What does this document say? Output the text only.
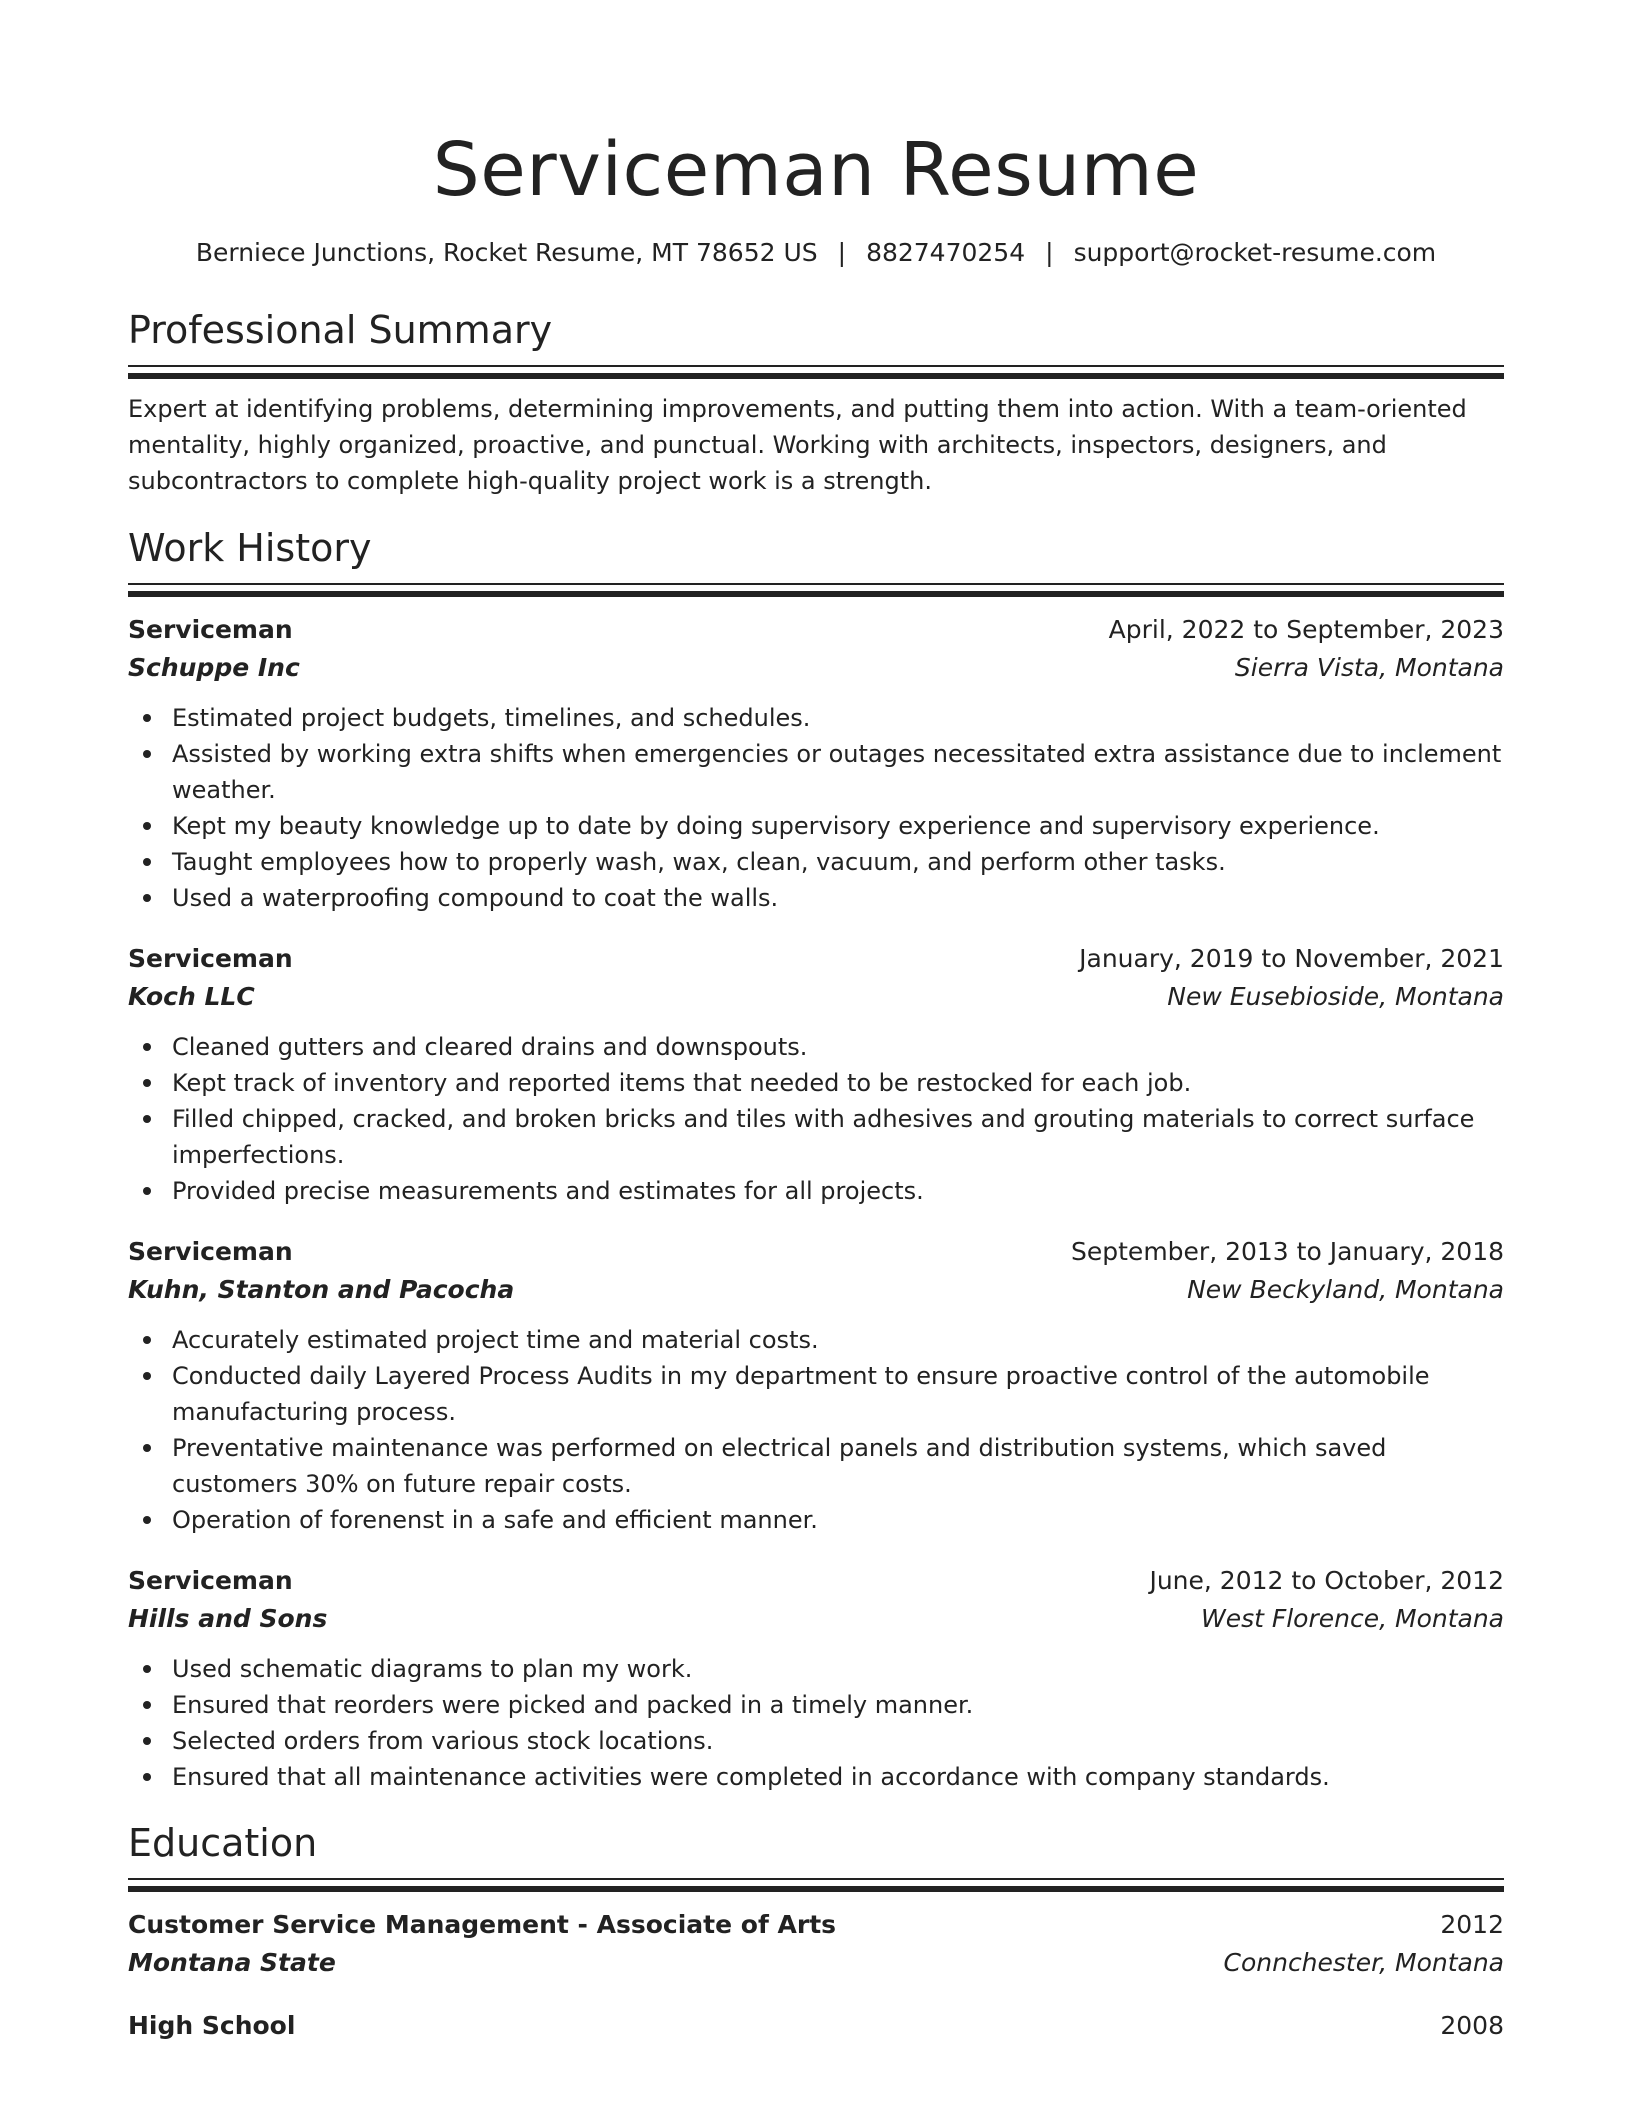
Serviceman Resume
Berniece Junctions, Rocket Resume, MT 78652 US | 8827470254 | support@rocket-resume.com
Professional Summary

Expert at identifying problems, determining improvements, and putting them into action. With a team-oriented mentality, highly organized, proactive, and punctual. Working with architects, inspectors, designers, and subcontractors to complete high-quality project work is a strength.

Work History
Serviceman	April, 2022 to September, 2023
Schuppe Inc	Sierra Vista, Montana
Estimated project budgets, timelines, and schedules.
Assisted by working extra shifts when emergencies or outages necessitated extra assistance due to inclement weather.
Kept my beauty knowledge up to date by doing supervisory experience and supervisory experience.
Taught employees how to properly wash, wax, clean, vacuum, and perform other tasks.
Used a waterproofing compound to coat the walls.
Serviceman	January, 2019 to November, 2021
Koch LLC	New Eusebioside, Montana
Cleaned gutters and cleared drains and downspouts.
Kept track of inventory and reported items that needed to be restocked for each job.
Filled chipped, cracked, and broken bricks and tiles with adhesives and grouting materials to correct surface imperfections.
Provided precise measurements and estimates for all projects.
Serviceman	September, 2013 to January, 2018
Kuhn, Stanton and Pacocha	New Beckyland, Montana
Accurately estimated project time and material costs.
Conducted daily Layered Process Audits in my department to ensure proactive control of the automobile manufacturing process.
Preventative maintenance was performed on electrical panels and distribution systems, which saved customers 30% on future repair costs.
Operation of forenenst in a safe and efficient manner.
Serviceman	June, 2012 to October, 2012
Hills and Sons	West Florence, Montana
Used schematic diagrams to plan my work.
Ensured that reorders were picked and packed in a timely manner.
Selected orders from various stock locations.
Ensured that all maintenance activities were completed in accordance with company standards.
Education
Customer Service Management - Associate of Arts	2012
Montana State	Connchester, Montana
High School	2008
